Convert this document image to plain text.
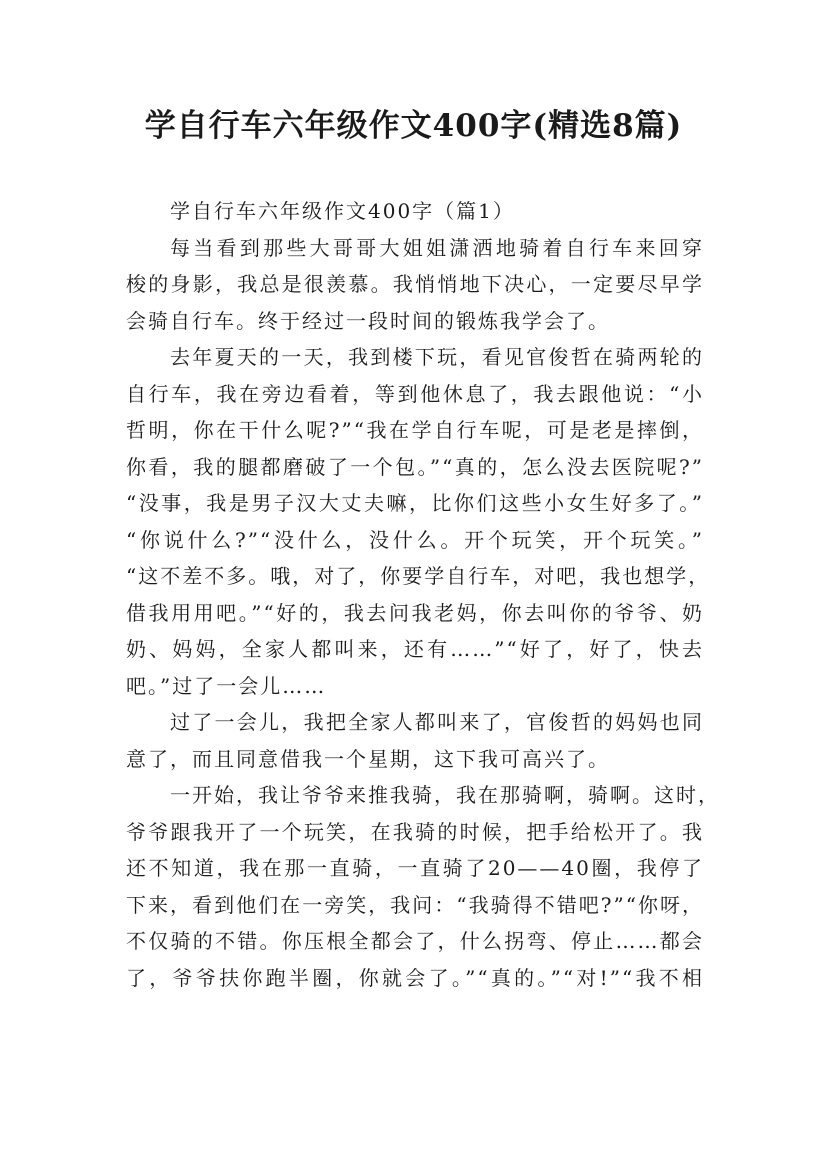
学自行车六年级作文400字(精选8篇)
学自行车六年级作文400字（篇1）
每当看到那些大哥哥大姐姐潇洒地骑着自行车来回穿
梭的身影，我总是很羡慕。我悄悄地下决心，一定要尽早学
会骑自行车。终于经过一段时间的锻炼我学会了。
去年夏天的一天，我到楼下玩，看见官俊哲在骑两轮的
自行车，我在旁边看着，等到他休息了，我去跟他说：“小
哲明，你在干什么呢?”“我在学自行车呢，可是老是摔倒，
你看，我的腿都磨破了一个包。”“真的，怎么没去医院呢?”
“没事，我是男子汉大丈夫嘛，比你们这些小女生好多了。”
“你说什么?”“没什么，没什么。开个玩笑，开个玩笑。”
“这不差不多。哦，对了，你要学自行车，对吧，我也想学，
借我用用吧。”“好的，我去问我老妈，你去叫你的爷爷、奶
奶、妈妈，全家人都叫来，还有……”“好了，好了，快去
吧。”过了一会儿……
过了一会儿，我把全家人都叫来了，官俊哲的妈妈也同
意了，而且同意借我一个星期，这下我可高兴了。
一开始，我让爷爷来推我骑，我在那骑啊，骑啊。这时，
爷爷跟我开了一个玩笑，在我骑的时候，把手给松开了。我
还不知道，我在那一直骑，一直骑了20——40圈，我停了
下来，看到他们在一旁笑，我问：“我骑得不错吧?”“你呀，
不仅骑的不错。你压根全都会了，什么拐弯、停止……都会
了，爷爷扶你跑半圈，你就会了。”“真的。”“对!”“我不相
